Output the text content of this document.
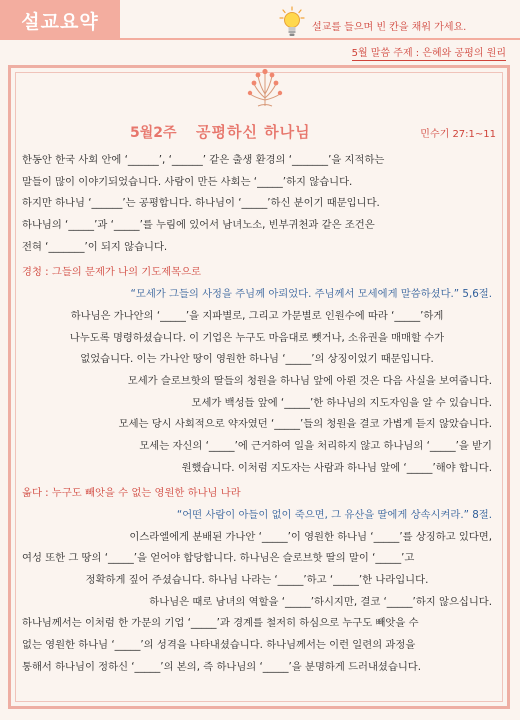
설교요약	설교를 들으며 빈 칸을 채워 가세요.
5월 말씀 주제 : 은혜와 공평의 원리
5월2주 공평하신 하나님	민수기 27:1~11
한동안 한국 사회 안에 ‘______’, ‘______’ 같은 출생 환경의 ‘_______’을 지적하는
말들이 많이 이야기되었습니다. 사람이 만든 사회는 ‘_____’하지 않습니다.
하지만 하나님 ‘______’는 공평합니다. 하나님이 ‘_____’하신 분이기 때문입니다.
하나님의 ‘_____’과 ‘_____’를 누림에 있어서 남녀노소, 빈부귀천과 같은 조건은
전혀 ‘_______’이 되지 않습니다.
경청 : 그들의 문제가 나의 기도제목으로
“모세가 그들의 사정을 주님께 아뢰었다. 주님께서 모세에게 말씀하셨다.” 5,6절.
하나님은 가나안의 ‘_____’을 지파별로, 그리고 가문별로 인원수에 따라 ‘_____’하게
나누도록 명령하셨습니다. 이 기업은 누구도 마음대로 뺏거나, 소유권을 매매할 수가
없었습니다. 이는 가나안 땅이 영원한 하나님 ‘_____’의 상징이었기 때문입니다.
모세가 슬로브핫의 딸들의 청원을 하나님 앞에 아뢴 것은 다음 사실을 보여줍니다.
모세가 백성들 앞에 ‘_____’한 하나님의 지도자임을 알 수 있습니다.
모세는 당시 사회적으로 약자였던 ‘_____’들의 청원을 결코 가볍게 듣지 않았습니다.
모세는 자신의 ‘_____’에 근거하여 일을 처리하지 않고 하나님의 ‘_____’을 받기
원했습니다. 이처럼 지도자는 사람과 하나님 앞에 ‘_____’해야 합니다.
옮다 : 누구도 빼앗을 수 없는 영원한 하나님 나라
“어떤 사람이 아들이 없이 죽으면, 그 유산을 딸에게 상속시켜라.” 8절.
이스라엘에게 분배된 가나안 ‘_____’이 영원한 하나님 ‘_____’를 상징하고 있다면,
여성 또한 그 땅의 ‘_____’을 얻어야 합당합니다. 하나님은 슬로브핫 딸의 말이 ‘_____’고
정확하게 짚어 주셨습니다. 하나님 나라는 ‘_____’하고 ‘_____’한 나라입니다.
하나님은 때로 남녀의 역할을 ‘_____’하시지만, 결코 ‘_____’하지 않으십니다.
하나님께서는 이처럼 한 가문의 기업 ‘_____’과 경계를 철저히 하심으로 누구도 빼앗을 수
없는 영원한 하나님 ‘_____’의 성격을 나타내셨습니다. 하나님께서는 이런 일련의 과정을
통해서 하나님이 정하신 ‘_____’의 본의, 즉 하나님의 ‘_____’을 분명하게 드러내셨습니다.
